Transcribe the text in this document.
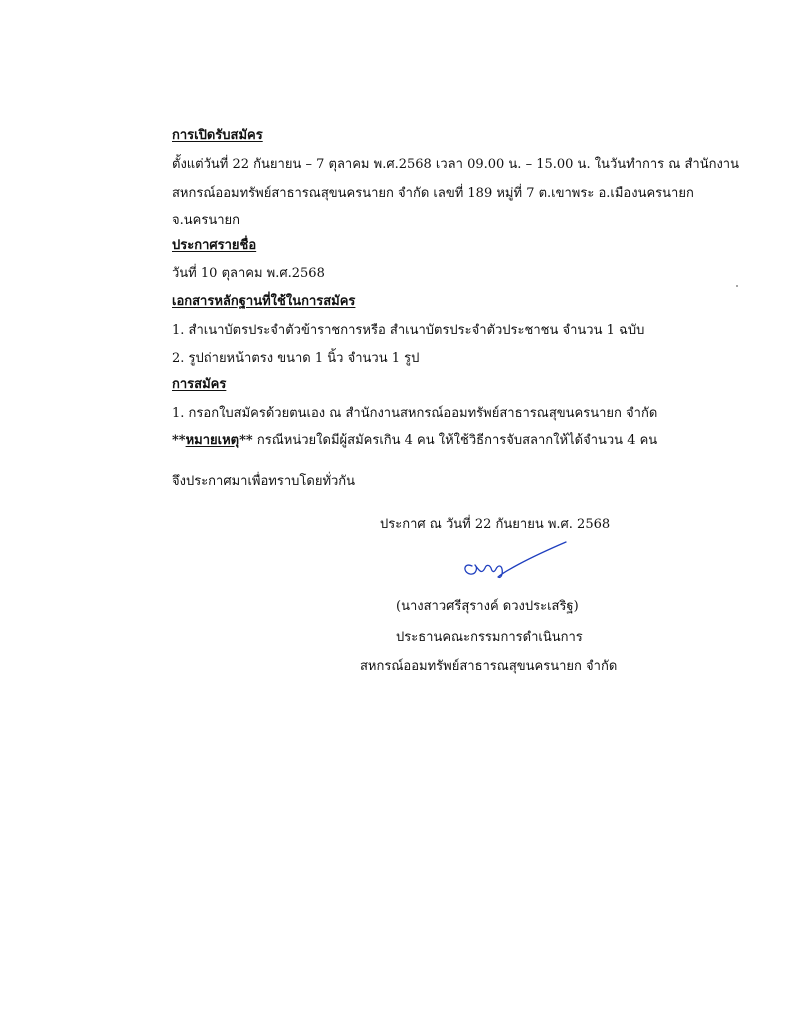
การเปิดรับสมัคร
ตั้งแต่วันที่ 22 กันยายน – 7 ตุลาคม พ.ศ.2568 เวลา 09.00 น. – 15.00 น. ในวันทำการ ณ สำนักงาน
สหกรณ์ออมทรัพย์สาธารณสุขนครนายก จำกัด เลขที่ 189 หมู่ที่ 7 ต.เขาพระ อ.เมืองนครนายก
จ.นครนายก
ประกาศรายชื่อ
วันที่ 10 ตุลาคม พ.ศ.2568
เอกสารหลักฐานที่ใช้ในการสมัคร
1. สำเนาบัตรประจำตัวข้าราชการหรือ สำเนาบัตรประจำตัวประชาชน จำนวน 1 ฉบับ
2. รูปถ่ายหน้าตรง ขนาด 1 นิ้ว จำนวน 1 รูป
การสมัคร
1. กรอกใบสมัครด้วยตนเอง ณ สำนักงานสหกรณ์ออมทรัพย์สาธารณสุขนครนายก จำกัด
**หมายเหตุ** กรณีหน่วยใดมีผู้สมัครเกิน 4 คน ให้ใช้วิธีการจับสลากให้ได้จำนวน 4 คน
จึงประกาศมาเพื่อทราบโดยทั่วกัน
ประกาศ ณ วันที่ 22 กันยายน พ.ศ. 2568
(นางสาวศรีสุรางค์ ดวงประเสริฐ)
ประธานคณะกรรมการดำเนินการ
สหกรณ์ออมทรัพย์สาธารณสุขนครนายก จำกัด
